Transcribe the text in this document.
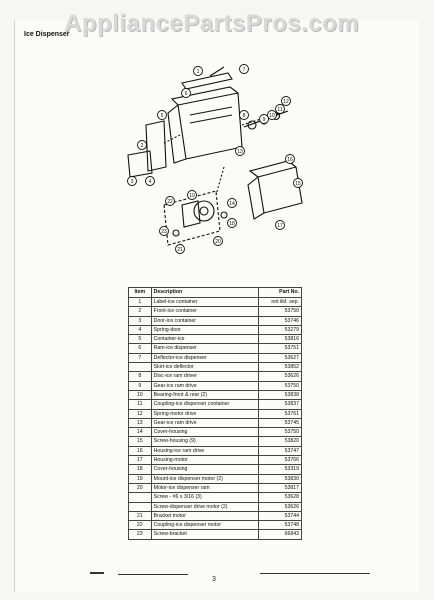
AppliancePartsPros.com
Ice Dispenser
1	7
6
5
2
3	4
12
11
10
9
8
13
16
15
17
19
22	14
18
23
21
20
Item	Description	Part No.
1	Label-ice container	not ilid. sep.
2	Front-ice container	53750
3	Door-ice container	53746
4	Spring-door	53279
5	Container-ice	53816
6	Ram-ice dispenser	53751
7	Deflector-ice dispenser	53627
	Skirt-ice deflector	53852
8	Disc-ice ram driver	53626
9	Gear-ice ram drive	53750
10	Bearing-front & rear (2)	53838
11	Coupling-ice dispenser container	53837
12	Spring-motor drive	53761
13	Gear-ice ram drive	53745
14	Cover-housing	53750
15	Screw-housing (9)	53820
16	Housing-ice ram drive	53747
17	Housing-motor	53766
18	Cover-housing	53319
19	Mount-ice dispenser motor (2)	53830
20	Motor-ice dispenser ram	53817
	Screw - #6 x 3/16 (3)	53628
	Screw-dispenser drive motor (2)	53626
21	Bracket motor	53744
22	Coupling-ice dispenser motor	53748
23	Screw-bracket	66843
3
